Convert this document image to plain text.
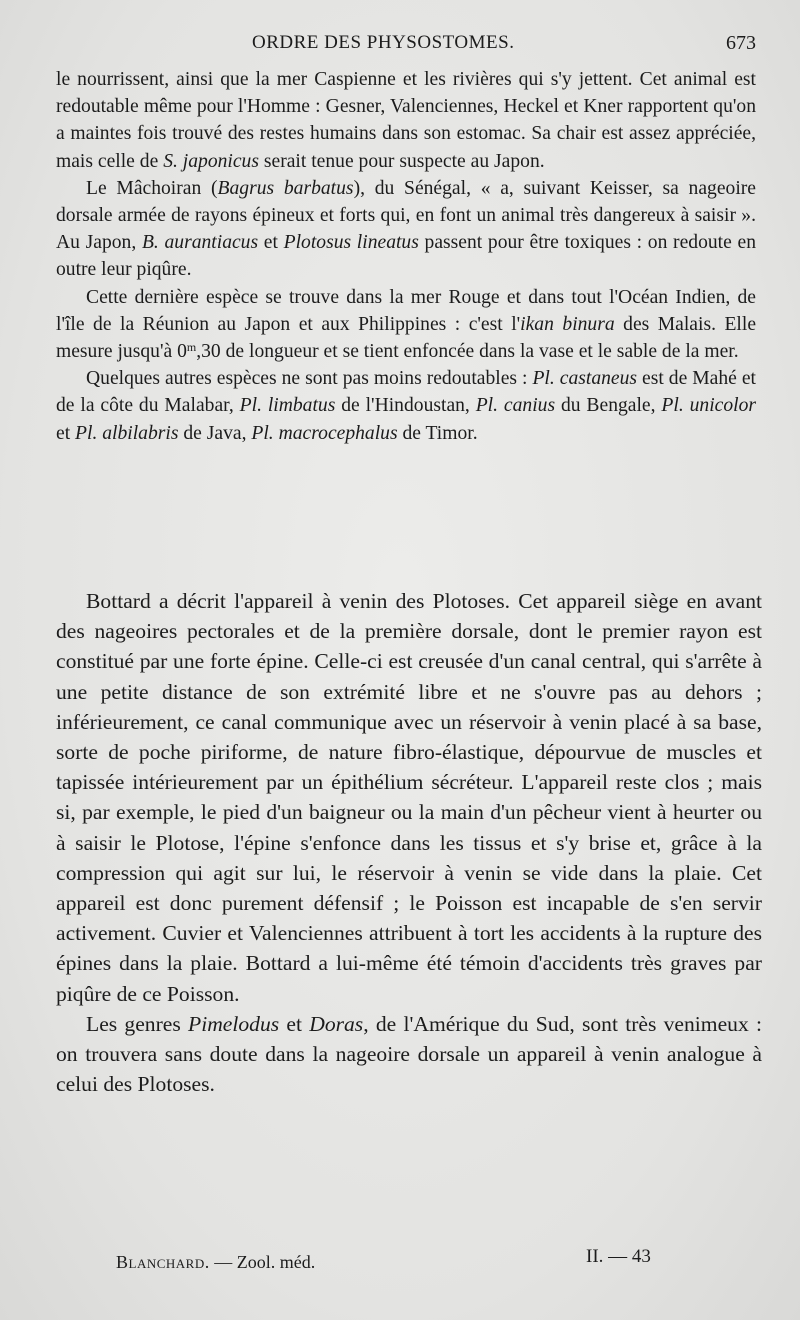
ORDRE DES PHYSOSTOMES.	673

le nourrissent, ainsi que la mer Caspienne et les rivières qui s'y jettent. Cet animal est redoutable même pour l'Homme : Gesner, Valenciennes, Heckel et Kner rapportent qu'on a maintes fois trouvé des restes humains dans son estomac. Sa chair est assez appréciée, mais celle de S. japonicus serait tenue pour suspecte au Japon.

Le Mâchoiran (Bagrus barbatus), du Sénégal, « a, suivant Keisser, sa nageoire dorsale armée de rayons épineux et forts qui, en font un animal très dangereux à saisir ». Au Japon, B. aurantiacus et Plotosus lineatus passent pour être toxiques : on redoute en outre leur piqûre.

Cette dernière espèce se trouve dans la mer Rouge et dans tout l'Océan Indien, de l'île de la Réunion au Japon et aux Philippines : c'est l'ikan binura des Malais. Elle mesure jusqu'à 0$^m$,30 de longueur et se tient enfoncée dans la vase et le sable de la mer.

Quelques autres espèces ne sont pas moins redoutables : Pl. castaneus est de Mahé et de la côte du Malabar, Pl. limbatus de l'Hindoustan, Pl. canius du Bengale, Pl. unicolor et Pl. albilabris de Java, Pl. macrocephalus de Timor.

Bottard a décrit l'appareil à venin des Plotoses. Cet appareil siège en avant des nageoires pectorales et de la première dorsale, dont le premier rayon est constitué par une forte épine. Celle-ci est creusée d'un canal central, qui s'arrête à une petite distance de son extrémité libre et ne s'ouvre pas au dehors ; inférieurement, ce canal communique avec un réservoir à venin placé à sa base, sorte de poche piriforme, de nature fibro-élastique, dépourvue de muscles et tapissée intérieurement par un épithélium sécréteur. L'appareil reste clos ; mais si, par exemple, le pied d'un baigneur ou la main d'un pêcheur vient à heurter ou à saisir le Plotose, l'épine s'enfonce dans les tissus et s'y brise et, grâce à la compression qui agit sur lui, le réservoir à venin se vide dans la plaie. Cet appareil est donc purement défensif ; le Poisson est incapable de s'en servir activement. Cuvier et Valenciennes attribuent à tort les accidents à la rupture des épines dans la plaie. Bottard a lui-même été témoin d'accidents très graves par piqûre de ce Poisson.

Les genres Pimelodus et Doras, de l'Amérique du Sud, sont très venimeux : on trouvera sans doute dans la nageoire dorsale un appareil à venin analogue à celui des Plotoses.

Blanchard. — Zool. méd.	II. — 43
